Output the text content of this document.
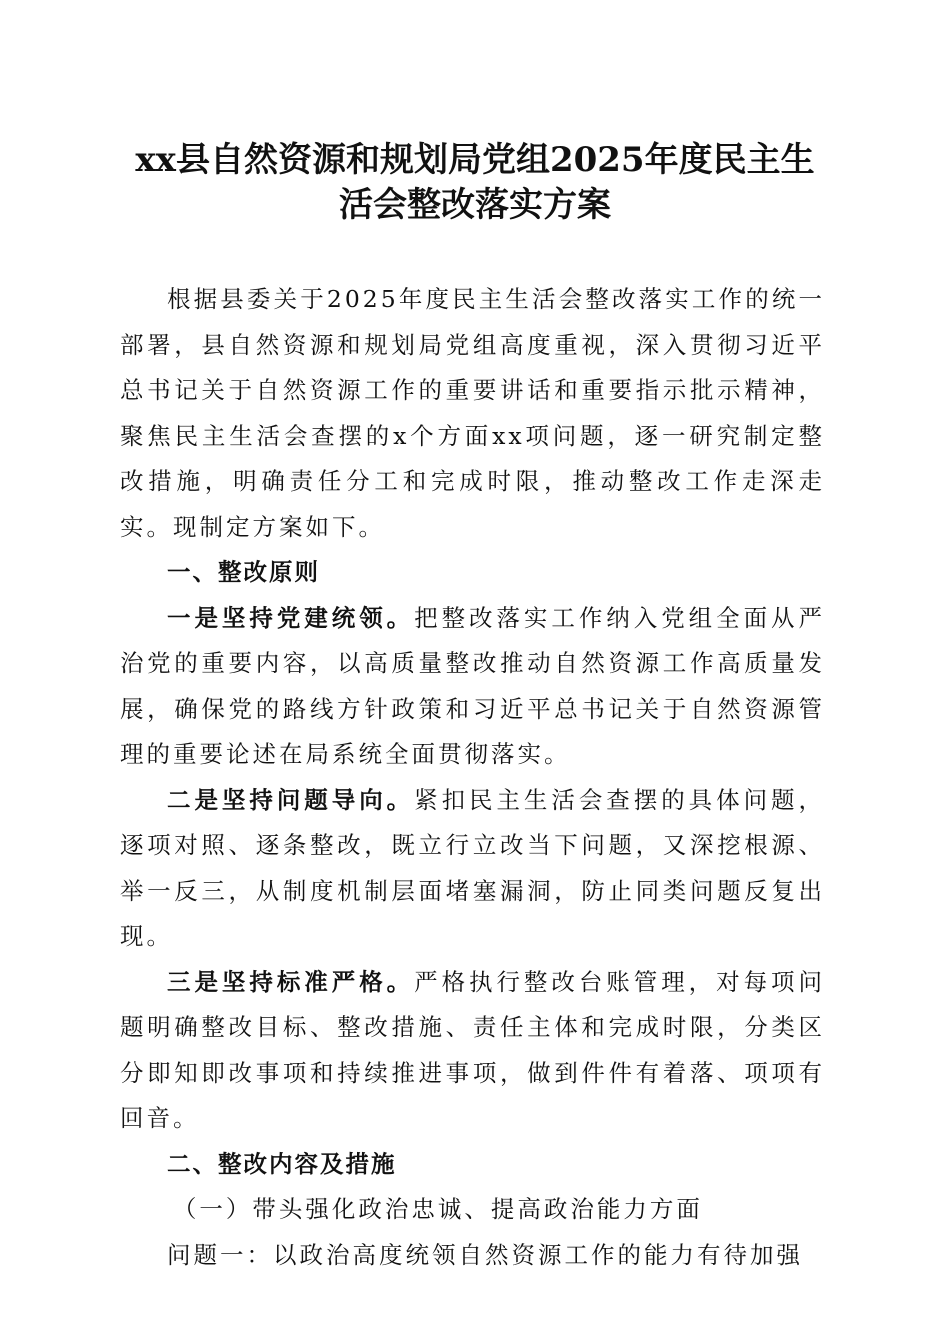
xx县自然资源和规划局党组2025年度民主生
活会整改落实方案

根据县委关于2025年度民主生活会整改落实工作的统一部署，县自然资源和规划局党组高度重视，深入贯彻习近平总书记关于自然资源工作的重要讲话和重要指示批示精神，聚焦民主生活会查摆的x个方面xx项问题，逐一研究制定整改措施，明确责任分工和完成时限，推动整改工作走深走实。现制定方案如下。

一、整改原则

一是坚持党建统领。把整改落实工作纳入党组全面从严治党的重要内容，以高质量整改推动自然资源工作高质量发展，确保党的路线方针政策和习近平总书记关于自然资源管理的重要论述在局系统全面贯彻落实。

二是坚持问题导向。紧扣民主生活会查摆的具体问题，逐项对照、逐条整改，既立行立改当下问题，又深挖根源、举一反三，从制度机制层面堵塞漏洞，防止同类问题反复出现。

三是坚持标准严格。严格执行整改台账管理，对每项问题明确整改目标、整改措施、责任主体和完成时限，分类区分即知即改事项和持续推进事项，做到件件有着落、项项有回音。

二、整改内容及措施

（一）带头强化政治忠诚、提高政治能力方面

问题一：以政治高度统领自然资源工作的能力有待加强
